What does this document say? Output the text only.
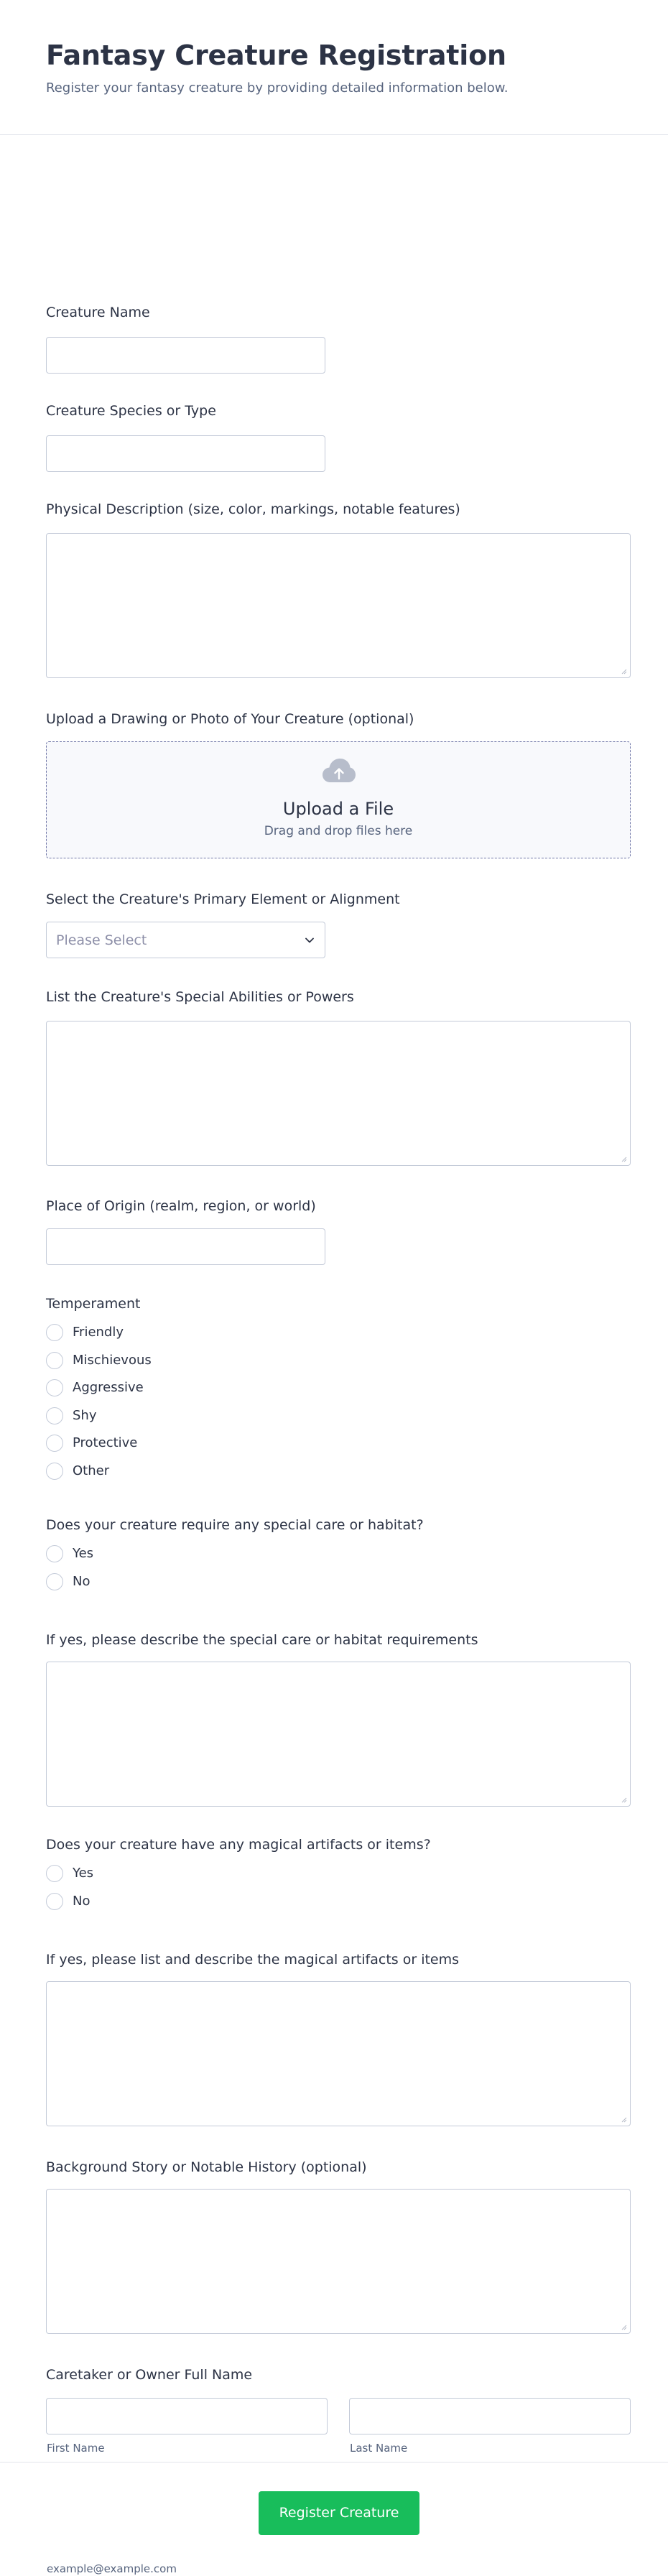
Fantasy Creature Registration
Register your fantasy creature by providing detailed information below.
Creature Name
Creature Species or Type
Physical Description (size, color, markings, notable features)
Upload a Drawing or Photo of Your Creature (optional)
Upload a File
Drag and drop files here
Select the Creature's Primary Element or Alignment
Please Select
List the Creature's Special Abilities or Powers
Place of Origin (realm, region, or world)
Temperament
Friendly
Mischievous
Aggressive
Shy
Protective
Other
Does your creature require any special care or habitat?
Yes
No
If yes, please describe the special care or habitat requirements
Does your creature have any magical artifacts or items?
Yes
No
If yes, please list and describe the magical artifacts or items
Background Story or Notable History (optional)
Caretaker or Owner Full Name
First Name	Last Name
example@example.com
Register Creature
